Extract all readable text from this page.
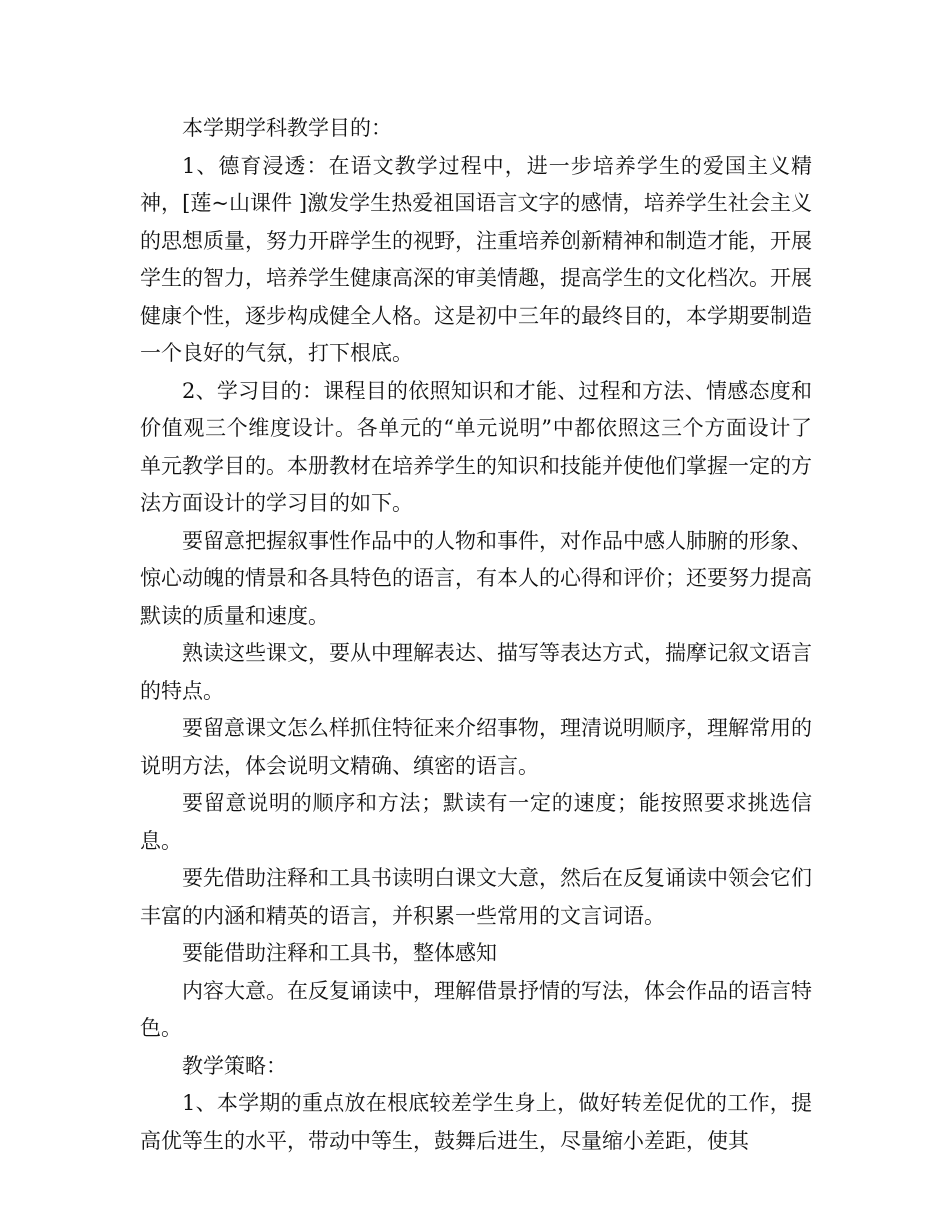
本学期学科教学目的：

1、德育浸透：在语文教学过程中，进一步培养学生的爱国主义精神，[莲~山课件 ]激发学生热爱祖国语言文字的感情，培养学生社会主义的思想质量，努力开辟学生的视野，注重培养创新精神和制造才能，开展学生的智力，培养学生健康高深的审美情趣，提高学生的文化档次。开展健康个性，逐步构成健全人格。这是初中三年的最终目的，本学期要制造一个良好的气氛，打下根底。

2、学习目的：课程目的依照知识和才能、过程和方法、情感态度和价值观三个维度设计。各单元的“单元说明”中都依照这三个方面设计了单元教学目的。本册教材在培养学生的知识和技能并使他们掌握一定的方法方面设计的学习目的如下。

要留意把握叙事性作品中的人物和事件，对作品中感人肺腑的形象、惊心动魄的情景和各具特色的语言，有本人的心得和评价；还要努力提高默读的质量和速度。

熟读这些课文，要从中理解表达、描写等表达方式，揣摩记叙文语言的特点。

要留意课文怎么样抓住特征来介绍事物，理清说明顺序，理解常用的说明方法，体会说明文精确、缜密的语言。

要留意说明的顺序和方法；默读有一定的速度；能按照要求挑选信息。

要先借助注释和工具书读明白课文大意，然后在反复诵读中领会它们丰富的内涵和精英的语言，并积累一些常用的文言词语。

要能借助注释和工具书，整体感知

内容大意。在反复诵读中，理解借景抒情的写法，体会作品的语言特色。

教学策略：

1、本学期的重点放在根底较差学生身上，做好转差促优的工作，提高优等生的水平，带动中等生，鼓舞后进生，尽量缩小差距，使其
